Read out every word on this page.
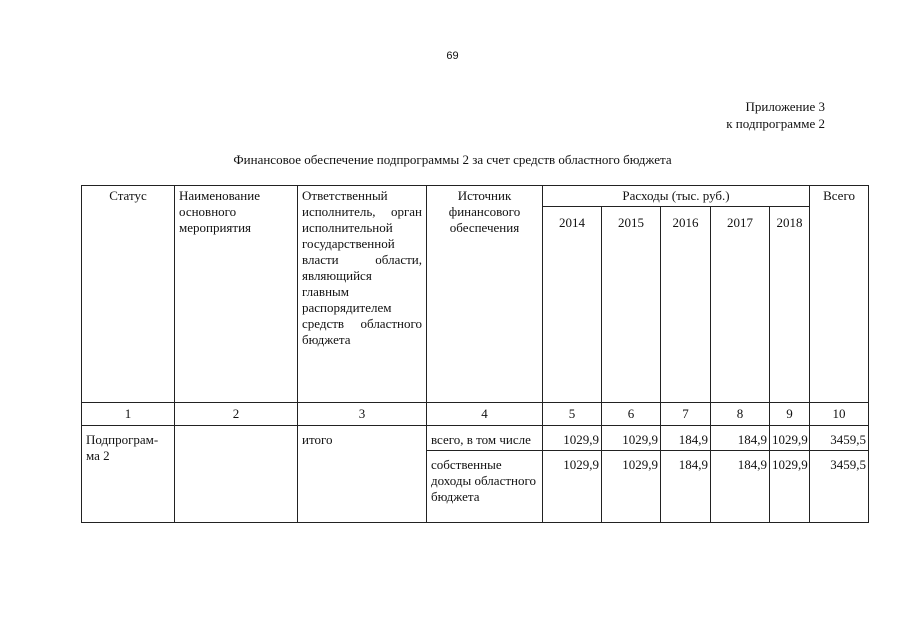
69
Приложение 3
к подпрограмме 2
Финансовое обеспечение подпрограммы 2 за счет средств областного бюджета
Статус	Наименование основного мероприятия	Ответственный исполнитель, орган исполнительной государственной власти области, являющийся главным распорядителем средств областного бюджета	Источник финансового обеспечения	Расходы (тыс. руб.)					Всего
				2014	2015	2016	2017	2018	
1	2	3	4	5	6	7	8	9	10
Подпрограм-ма 2		итого	всего, в том числе	1029,9	1029,9	184,9	184,9	1029,9	3459,5
			собственные доходы областного бюджета	1029,9	1029,9	184,9	184,9	1029,9	3459,5
